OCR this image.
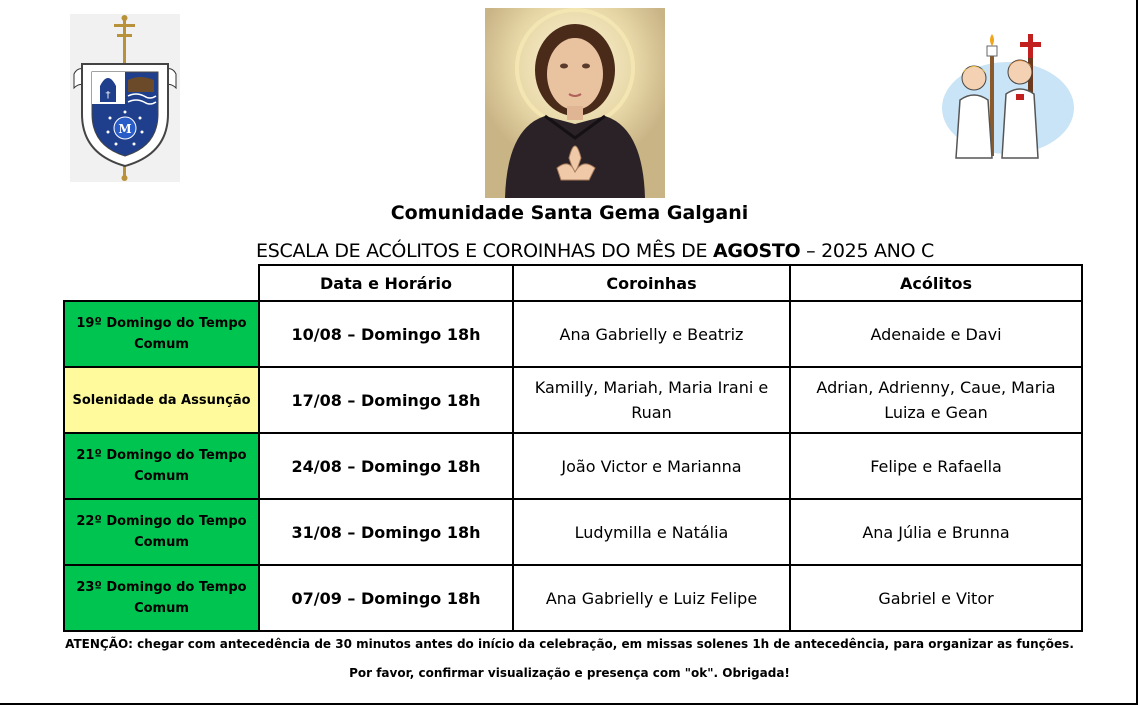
†
M
Comunidade Santa Gema Galgani
ESCALA DE ACÓLITOS E COROINHAS DO MÊS DE AGOSTO – 2025 ANO C
	Data e Horário	Coroinhas	Acólitos
19º Domingo do Tempo Comum	10/08 – Domingo 18h	Ana Gabrielly e Beatriz	Adenaide e Davi
Solenidade da Assunção	17/08 – Domingo 18h	Kamilly, Mariah, Maria Irani e Ruan	Adrian, Adrienny, Caue, Maria Luiza e Gean
21º Domingo do Tempo Comum	24/08 – Domingo 18h	João Victor e Marianna	Felipe e Rafaella
22º Domingo do Tempo Comum	31/08 – Domingo 18h	Ludymilla e Natália	Ana Júlia e Brunna
23º Domingo do Tempo Comum	07/09 – Domingo 18h	Ana Gabrielly e Luiz Felipe	Gabriel e Vitor
ATENÇÃO: chegar com antecedência de 30 minutos antes do início da celebração, em missas solenes 1h de antecedência, para organizar as funções.
Por favor, confirmar visualização e presença com "ok". Obrigada!
